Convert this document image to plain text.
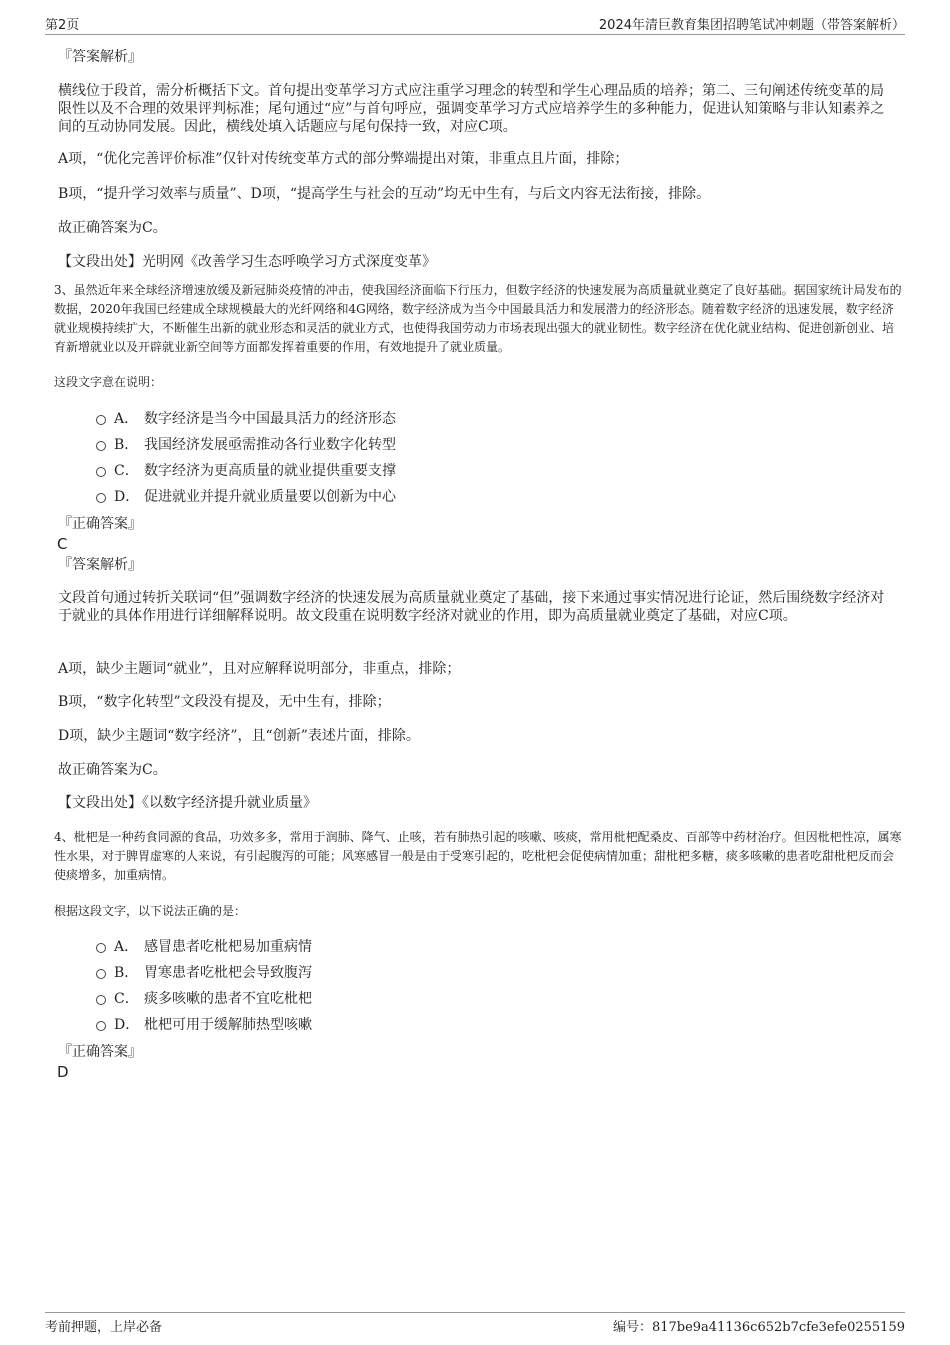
第2页	2024年清巨教育集团招聘笔试冲刺题（带答案解析）
『答案解析』

横线位于段首，需分析概括下文。首句提出变革学习方式应注重学习理念的转型和学生心理品质的培养；第二、三句阐述传统变革的局限性以及不合理的效果评判标准；尾句通过“应”与首句呼应，强调变革学习方式应培养学生的多种能力，促进认知策略与非认知素养之间的互动协同发展。因此，横线处填入话题应与尾句保持一致，对应C项。

A项，“优化完善评价标准”仅针对传统变革方式的部分弊端提出对策，非重点且片面，排除；

B项，“提升学习效率与质量”、D项，“提高学生与社会的互动”均无中生有，与后文内容无法衔接，排除。

故正确答案为C。

【文段出处】光明网《改善学习生态呼唤学习方式深度变革》

3、虽然近年来全球经济增速放缓及新冠肺炎疫情的冲击，使我国经济面临下行压力，但数字经济的快速发展为高质量就业奠定了良好基础。据国家统计局发布的数据，2020年我国已经建成全球规模最大的光纤网络和4G网络，数字经济成为当今中国最具活力和发展潜力的经济形态。随着数字经济的迅速发展，数字经济就业规模持续扩大，不断催生出新的就业形态和灵活的就业方式，也使得我国劳动力市场表现出强大的就业韧性。数字经济在优化就业结构、促进创新创业、培育新增就业以及开辟就业新空间等方面都发挥着重要的作用，有效地提升了就业质量。

这段文字意在说明：

A． 数字经济是当今中国最具活力的经济形态
B． 我国经济发展亟需推动各行业数字化转型
C． 数字经济为更高质量的就业提供重要支撑
D． 促进就业并提升就业质量要以创新为中心
『正确答案』
C
『答案解析』

文段首句通过转折关联词“但”强调数字经济的快速发展为高质量就业奠定了基础，接下来通过事实情况进行论证，然后围绕数字经济对于就业的具体作用进行详细解释说明。故文段重在说明数字经济对就业的作用，即为高质量就业奠定了基础，对应C项。

A项，缺少主题词“就业”，且对应解释说明部分，非重点，排除；

B项，“数字化转型”文段没有提及，无中生有，排除；

D项，缺少主题词“数字经济”，且“创新”表述片面，排除。

故正确答案为C。

【文段出处】《以数字经济提升就业质量》

4、枇杷是一种药食同源的食品，功效多多，常用于润肺、降气、止咳，若有肺热引起的咳嗽、咳痰，常用枇杷配桑皮、百部等中药材治疗。但因枇杷性凉，属寒性水果，对于脾胃虚寒的人来说，有引起腹泻的可能；风寒感冒一般是由于受寒引起的，吃枇杷会促使病情加重；甜枇杷多糖，痰多咳嗽的患者吃甜枇杷反而会使痰增多，加重病情。

根据这段文字，以下说法正确的是：

A． 感冒患者吃枇杷易加重病情
B． 胃寒患者吃枇杷会导致腹泻
C． 痰多咳嗽的患者不宜吃枇杷
D． 枇杷可用于缓解肺热型咳嗽
『正确答案』
D
考前押题，上岸必备	编号：817be9a41136c652b7cfe3efe0255159
